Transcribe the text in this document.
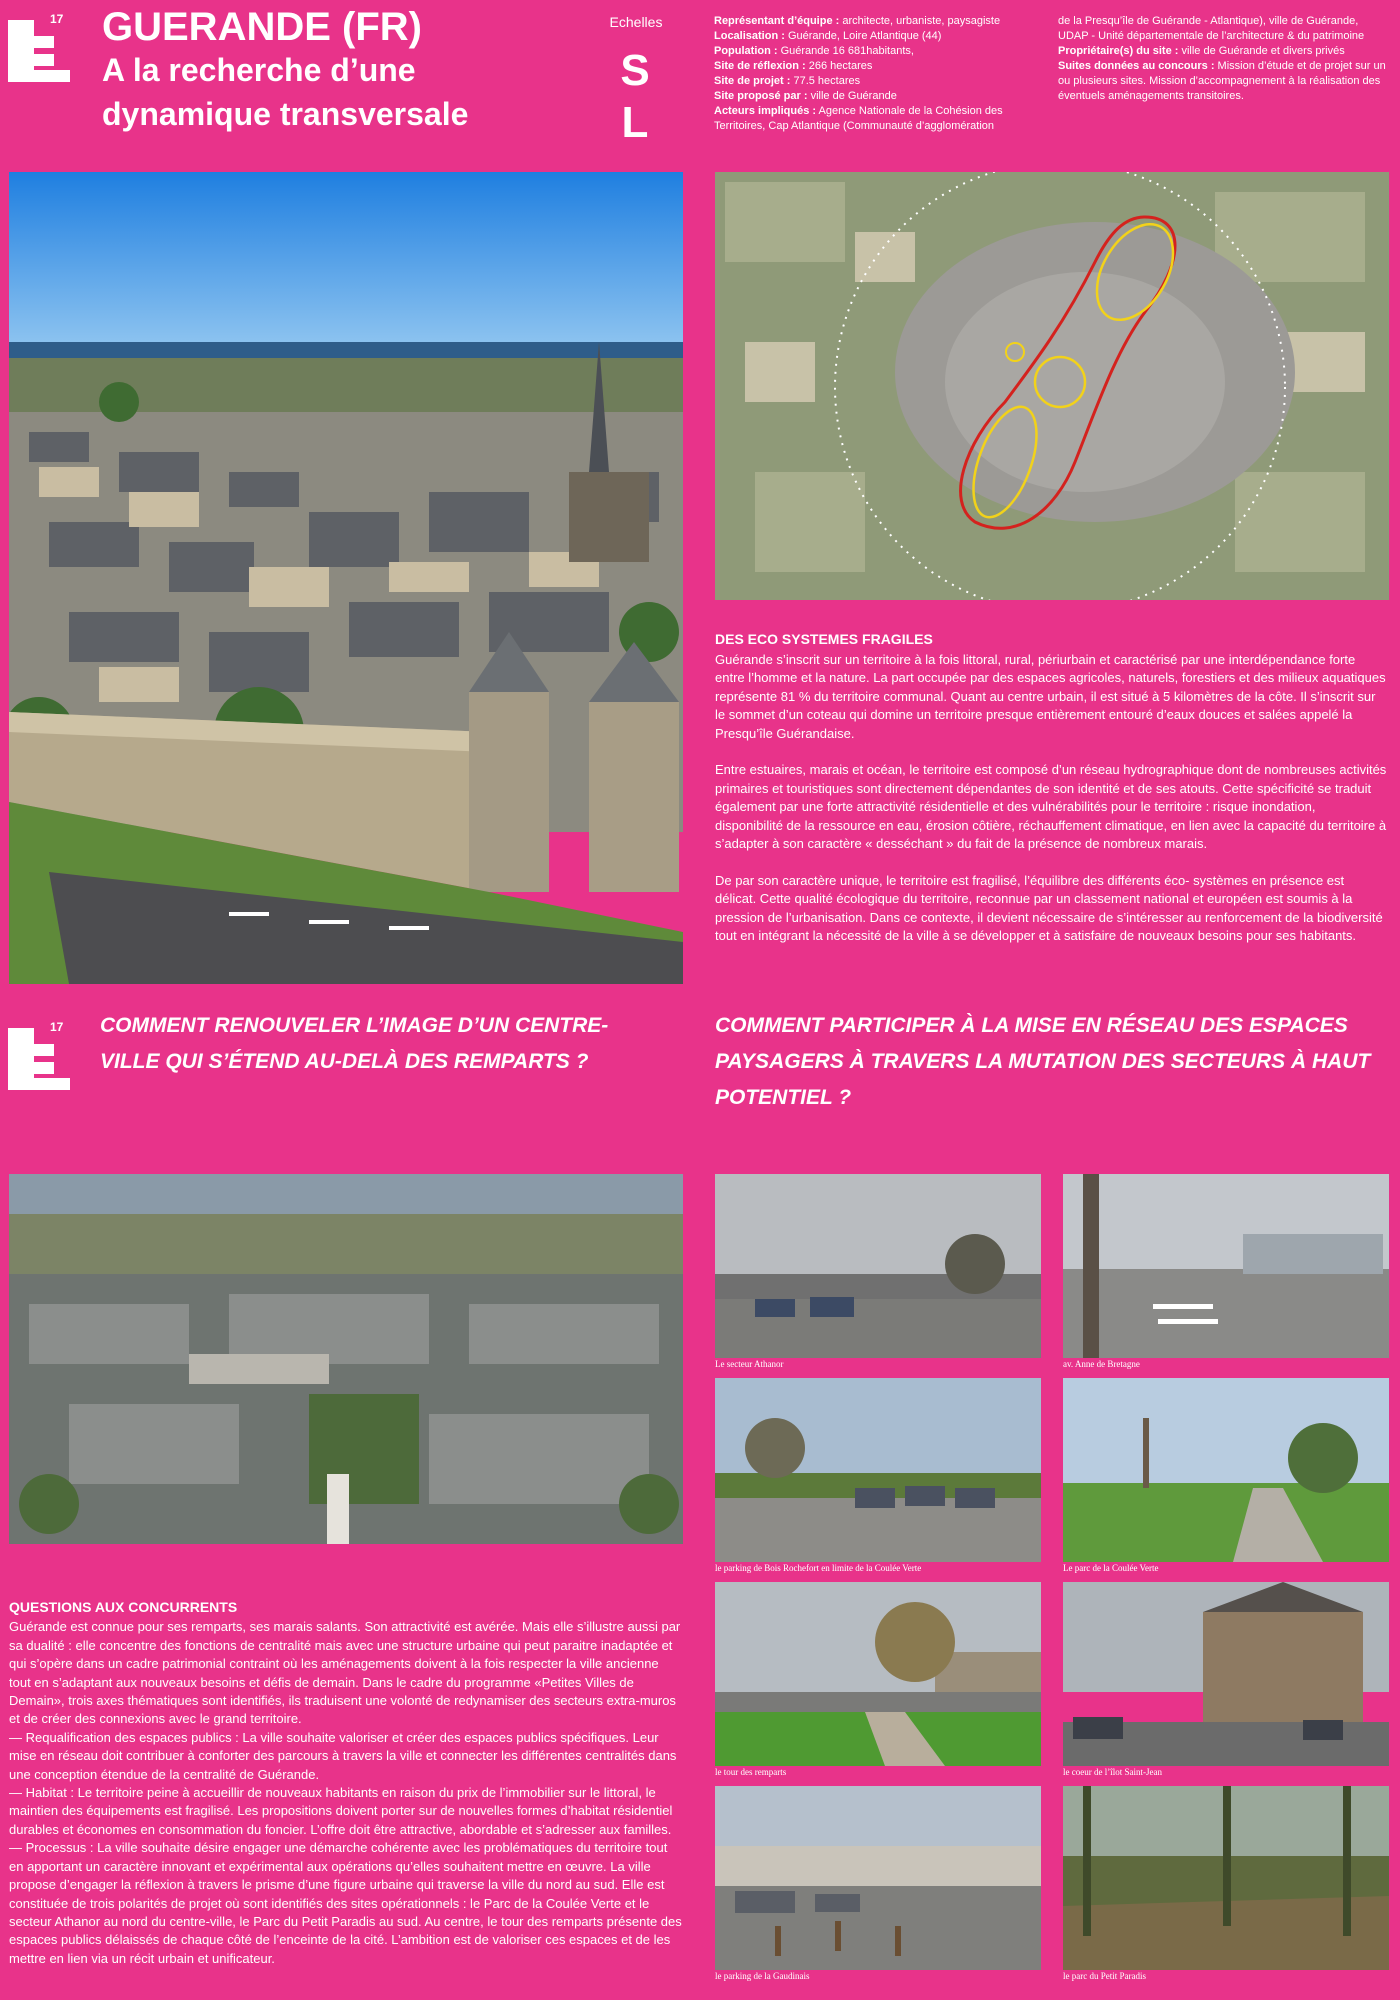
17 GUERANDE (FR)
A la recherche d’une
dynamique transversale
Echelles
S
L
Représentant d’équipe : architecte, urbaniste, paysagiste
Localisation : Guérande, Loire Atlantique (44)
Population : Guérande 16 681habitants,
Site de réflexion : 266 hectares
Site de projet : 77.5 hectares
Site proposé par : ville de Guérande
Acteurs impliqués : Agence Nationale de la Cohésion des Territoires, Cap Atlantique (Communauté d’agglomération
de la Presqu’île de Guérande - Atlantique), ville de Guérande, UDAP - Unité départementale de l’architecture & du patrimoine
Propriétaire(s) du site : ville de Guérande et divers privés
Suites données au concours : Mission d’étude et de projet sur un ou plusieurs sites. Mission d’accompagnement à la réalisation des éventuels aménagements transitoires.
DES ECO SYSTEMES FRAGILES

Guérande s’inscrit sur un territoire à la fois littoral, rural, périurbain et caractérisé par une interdépendance forte entre l’homme et la nature. La part occupée par des espaces agricoles, naturels, forestiers et des milieux aquatiques représente 81 % du territoire communal. Quant au centre urbain, il est situé à 5 kilomètres de la côte. Il s’inscrit sur le sommet d’un coteau qui domine un territoire presque entièrement entouré d’eaux douces et salées appelé la Presqu’île Guérandaise.

Entre estuaires, marais et océan, le territoire est composé d’un réseau hydrographique dont de nombreuses activités primaires et touristiques sont directement dépendantes de son identité et de ses atouts. Cette spécificité se traduit également par une forte attractivité résidentielle et des vulnérabilités pour le territoire : risque inondation, disponibilité de la ressource en eau, érosion côtière, réchauffement climatique, en lien avec la capacité du territoire à s’adapter à son caractère « desséchant » du fait de la présence de nombreux marais.

De par son caractère unique, le territoire est fragilisé, l’équilibre des différents éco- systèmes en présence est délicat. Cette qualité écologique du territoire, reconnue par un classement national et européen est soumis à la pression de l’urbanisation. Dans ce contexte, il devient nécessaire de s’intéresser au renforcement de la biodiversité tout en intégrant la nécessité de la ville à se développer et à satisfaire de nouveaux besoins pour ses habitants.

17 COMMENT RENOUVELER L’IMAGE D’UN CENTRE-VILLE QUI S’ÉTEND AU-DELÀ DES REMPARTS ?
COMMENT PARTICIPER À LA MISE EN RÉSEAU DES ESPACES PAYSAGERS À TRAVERS LA MUTATION DES SECTEURS À HAUT POTENTIEL ?
QUESTIONS AUX CONCURRENTS

Guérande est connue pour ses remparts, ses marais salants. Son attractivité est avérée. Mais elle s’illustre aussi par sa dualité : elle concentre des fonctions de centralité mais avec une structure urbaine qui peut paraitre inadaptée et qui s’opère dans un cadre patrimonial contraint où les aménagements doivent à la fois respecter la ville ancienne tout en s’adaptant aux nouveaux besoins et défis de demain. Dans le cadre du programme «Petites Villes de Demain», trois axes thématiques sont identifiés, ils traduisent une volonté de redynamiser des secteurs extra-muros et de créer des connexions avec le grand territoire.

— Requalification des espaces publics : La ville souhaite valoriser et créer des espaces publics spécifiques. Leur mise en réseau doit contribuer à conforter des parcours à travers la ville et connecter les différentes centralités dans une conception étendue de la centralité de Guérande.

— Habitat : Le territoire peine à accueillir de nouveaux habitants en raison du prix de l’immobilier sur le littoral, le maintien des équipements est fragilisé. Les propositions doivent porter sur de nouvelles formes d’habitat résidentiel durables et économes en consommation du foncier. L’offre doit être attractive, abordable et s’adresser aux familles.

— Processus : La ville souhaite désire engager une démarche cohérente avec les problématiques du territoire tout en apportant un caractère innovant et expérimental aux opérations qu’elles souhaitent mettre en œuvre. La ville propose d’engager la réflexion à travers le prisme d’une figure urbaine qui traverse la ville du nord au sud. Elle est constituée de trois polarités de projet où sont identifiés des sites opérationnels : le Parc de la Coulée Verte et le secteur Athanor au nord du centre-ville, le Parc du Petit Paradis au sud. Au centre, le tour des remparts présente des espaces publics délaissés de chaque côté de l’enceinte de la cité. L’ambition est de valoriser ces espaces et de les mettre en lien via un récit urbain et unificateur.

Le secteur Athanor	av. Anne de Bretagne
le parking de Bois Rochefort en limite de la Coulée Verte	Le parc de la Coulée Verte
le tour des remparts	le coeur de l’îlot Saint-Jean
le parking de la Gaudinais	le parc du Petit Paradis
